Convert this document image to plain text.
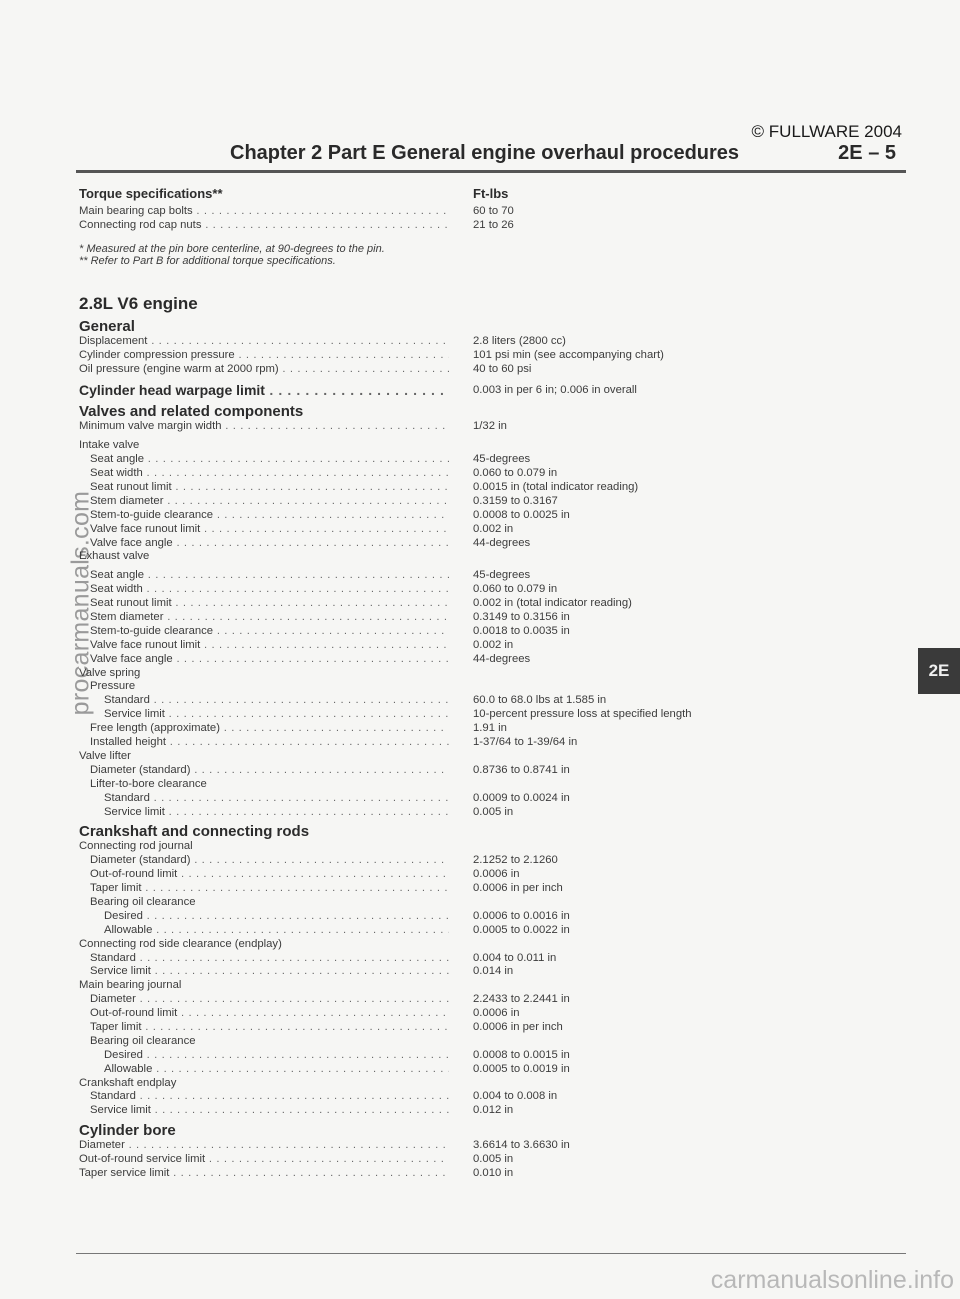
© FULLWARE 2004
Chapter 2 Part E General engine overhaul procedures	2E – 5
2E
procarmanuals.com
Torque specifications**	Ft-lbs
Main bearing cap bolts . . .	60 to 70
Connecting rod cap nuts . . .	21 to 26
* Measured at the pin bore centerline, at 90-degrees to the pin.
** Refer to Part B for additional torque specifications.
2.8L V6 engine
General
Displacement . . .	2.8 liters (2800 cc)
Cylinder compression pressure . . .	101 psi min (see accompanying chart)
Oil pressure (engine warm at 2000 rpm) . . .	40 to 60 psi
Cylinder head warpage limit . . .	0.003 in per 6 in; 0.006 in overall
Valves and related components
Minimum valve margin width . . .	1/32 in
Intake valve
Seat angle . . .	45-degrees
Seat width . . .	0.060 to 0.079 in
Seat runout limit . . .	0.0015 in (total indicator reading)
Stem diameter . . .	0.3159 to 0.3167
Stem-to-guide clearance . . .	0.0008 to 0.0025 in
Valve face runout limit . . .	0.002 in
Valve face angle . . .	44-degrees
Exhaust valve
Seat angle . . .	45-degrees
Seat width . . .	0.060 to 0.079 in
Seat runout limit . . .	0.002 in (total indicator reading)
Stem diameter . . .	0.3149 to 0.3156 in
Stem-to-guide clearance . . .	0.0018 to 0.0035 in
Valve face runout limit . . .	0.002 in
Valve face angle . . .	44-degrees
Valve spring
Pressure
Standard . . .	60.0 to 68.0 lbs at 1.585 in
Service limit . . .	10-percent pressure loss at specified length
Free length (approximate) . . .	1.91 in
Installed height . . .	1-37/64 to 1-39/64 in
Valve lifter
Diameter (standard) . . .	0.8736 to 0.8741 in
Lifter-to-bore clearance
Standard . . .	0.0009 to 0.0024 in
Service limit . . .	0.005 in
Crankshaft and connecting rods
Connecting rod journal
Diameter (standard) . . .	2.1252 to 2.1260
Out-of-round limit . . .	0.0006 in
Taper limit . . .	0.0006 in per inch
Bearing oil clearance
Desired . . .	0.0006 to 0.0016 in
Allowable . . .	0.0005 to 0.0022 in
Connecting rod side clearance (endplay)
Standard . . .	0.004 to 0.011 in
Service limit . . .	0.014 in
Main bearing journal
Diameter . . .	2.2433 to 2.2441 in
Out-of-round limit . . .	0.0006 in
Taper limit . . .	0.0006 in per inch
Bearing oil clearance
Desired . . .	0.0008 to 0.0015 in
Allowable . . .	0.0005 to 0.0019 in
Crankshaft endplay
Standard . . .	0.004 to 0.008 in
Service limit . . .	0.012 in
Cylinder bore
Diameter . . .	3.6614 to 3.6630 in
Out-of-round service limit . . .	0.005 in
Taper service limit . . .	0.010 in
carmanualsonline.info
